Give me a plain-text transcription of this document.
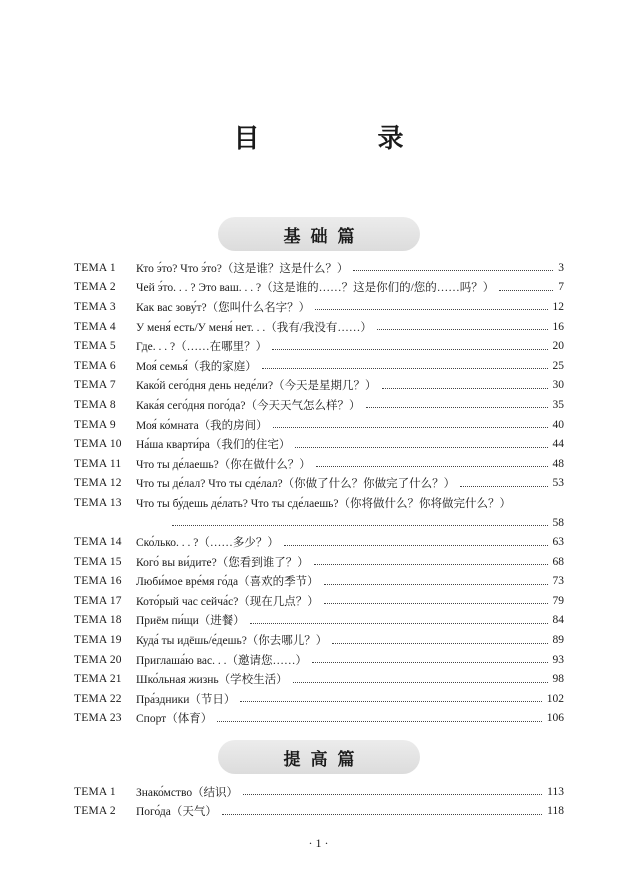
目　录
基础篇
TEMA 1	Кто э́то? Что э́то?（这是谁？这是什么？）	3
TEMA 2	Чей э́то. . . ? Это ваш. . . ?（这是谁的……？这是你们的/您的……吗？）	7
TEMA 3	Как вас зову́т?（您叫什么名字？）	12
TEMA 4	У меня́ есть/У меня́ нет. . .（我有/我没有……）	16
TEMA 5	Где. . . ?（……在哪里？）	20
TEMA 6	Моя́ семья́（我的家庭）	25
TEMA 7	Како́й сего́дня день неде́ли?（今天是星期几？）	30
TEMA 8	Кака́я сего́дня пого́да?（今天天气怎么样？）	35
TEMA 9	Моя́ ко́мната（我的房间）	40
TEMA 10	На́ша кварти́ра（我们的住宅）	44
TEMA 11	Что ты де́лаешь?（你在做什么？）	48
TEMA 12	Что ты де́лал? Что ты сде́лал?（你做了什么？你做完了什么？）	53
TEMA 13	Что ты бу́дешь де́лать? Что ты сде́лаешь?（你将做什么？你将做完什么？）
58
TEMA 14	Ско́лько. . . ?（……多少？）	63
TEMA 15	Кого́ вы ви́дите?（您看到谁了？）	68
TEMA 16	Люби́мое вре́мя го́да（喜欢的季节）	73
TEMA 17	Кото́рый час сейча́с?（现在几点？）	79
TEMA 18	Приём пи́щи（进餐）	84
TEMA 19	Куда́ ты идёшь/е́дешь?（你去哪儿？）	89
TEMA 20	Приглаша́ю вас. . .（邀请您……）	93
TEMA 21	Шко́льная жизнь（学校生活）	98
TEMA 22	Пра́здники（节日）	102
TEMA 23	Спорт（体育）	106
提高篇
TEMA 1	Знако́мство（结识）	113
TEMA 2	Пого́да（天气）	118
· 1 ·
